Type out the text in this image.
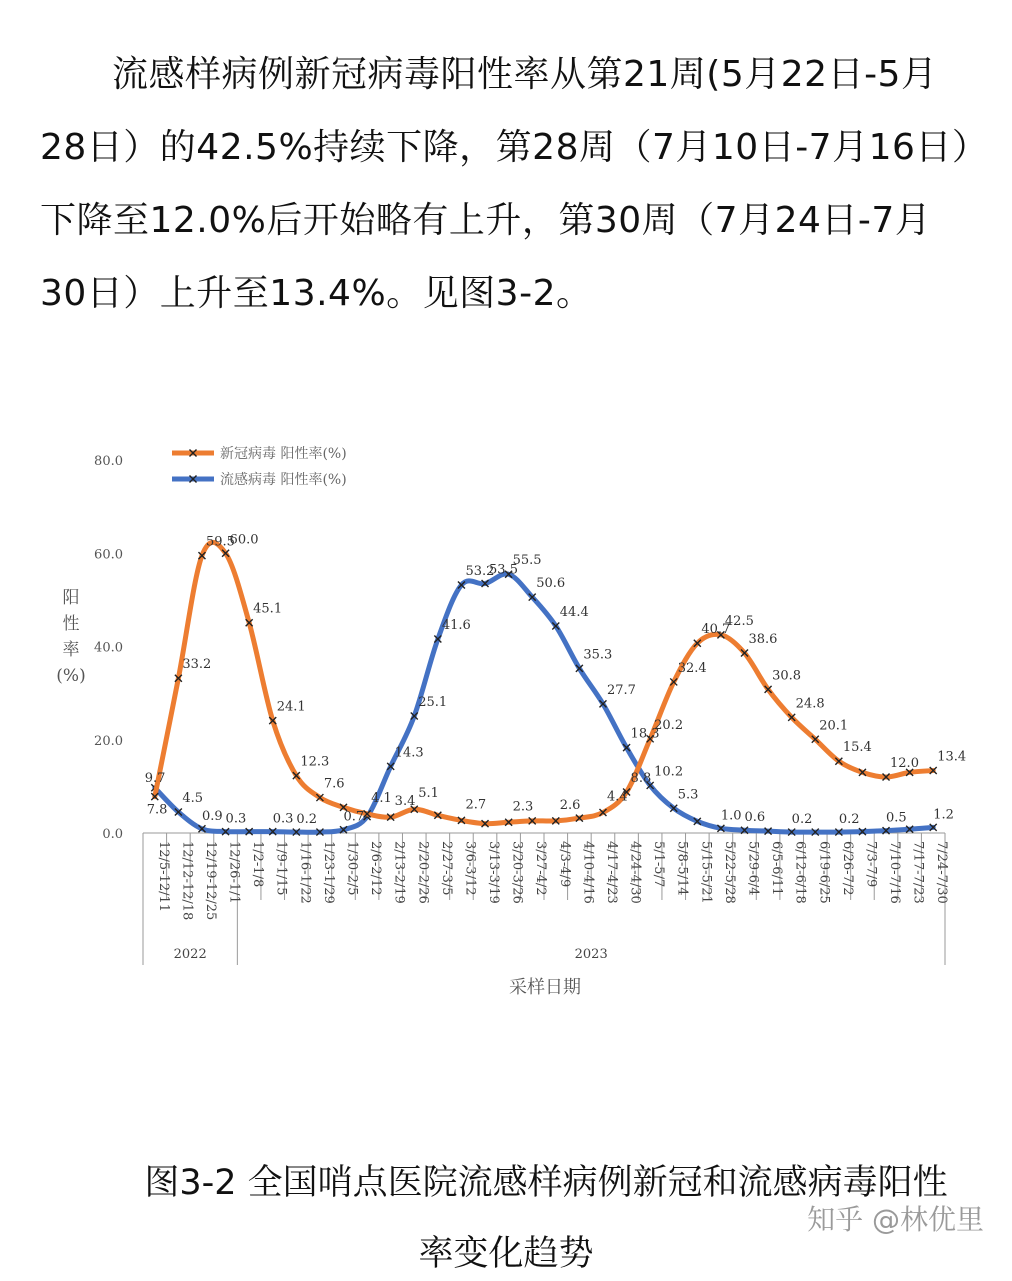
流感样病例新冠病毒阳性率从第21周(5月22日-5月28日）的42.5%持续下降，第28周（7月10日-7月16日）下降至12.0%后开始略有上升，第30周（7月24日-7月30日）上升至13.4%。见图3-2。

0.0
20.0
40.0
60.0
80.0
阳
性
率
(%)
12/5-12/11 12/12-12/18 12/19-12/25 12/26-1/1 1/2-1/8 1/9-1/15 1/16-1/22 1/23-1/29 1/30-2/5 2/6-2/12 2/13-2/19 2/20-2/26 2/27-3/5 3/6-3/12 3/13-3/19 3/20-3/26 3/27-4/2 4/3-4/9 4/10-4/16 4/17-4/23 4/24-4/30 5/1-5/7 5/8-5/14 5/15-5/21 5/22-5/28 5/29-6/4 6/5-6/11 6/12-6/18 6/19-6/25 6/26-7/2 7/3-7/9 7/10-7/16 7/17-7/23 7/24-7/30
2022	2023
采样日期
7.8
33.2
59.5
60.0
45.1
24.1
12.3
7.6
4.1 3.4
5.1
2.7 2.3 2.6
4.4
8.8
20.2
32.4
40.7
42.5
38.6
30.8
24.8
20.1
15.4
12.0 13.4
9.7
4.5
0.9 0.3 0.3 0.2 0.7
14.3
25.1
41.6
53.2
53.5
55.5
50.6
44.4
35.3
27.7
18.3
10.2
5.3
1.0 0.6 0.2 0.2 0.5 1.2
新冠病毒 阳性率(%)
流感病毒 阳性率(%)

图3-2 全国哨点医院流感样病例新冠和流感病毒阳性

率变化趋势

知乎 @林优里
